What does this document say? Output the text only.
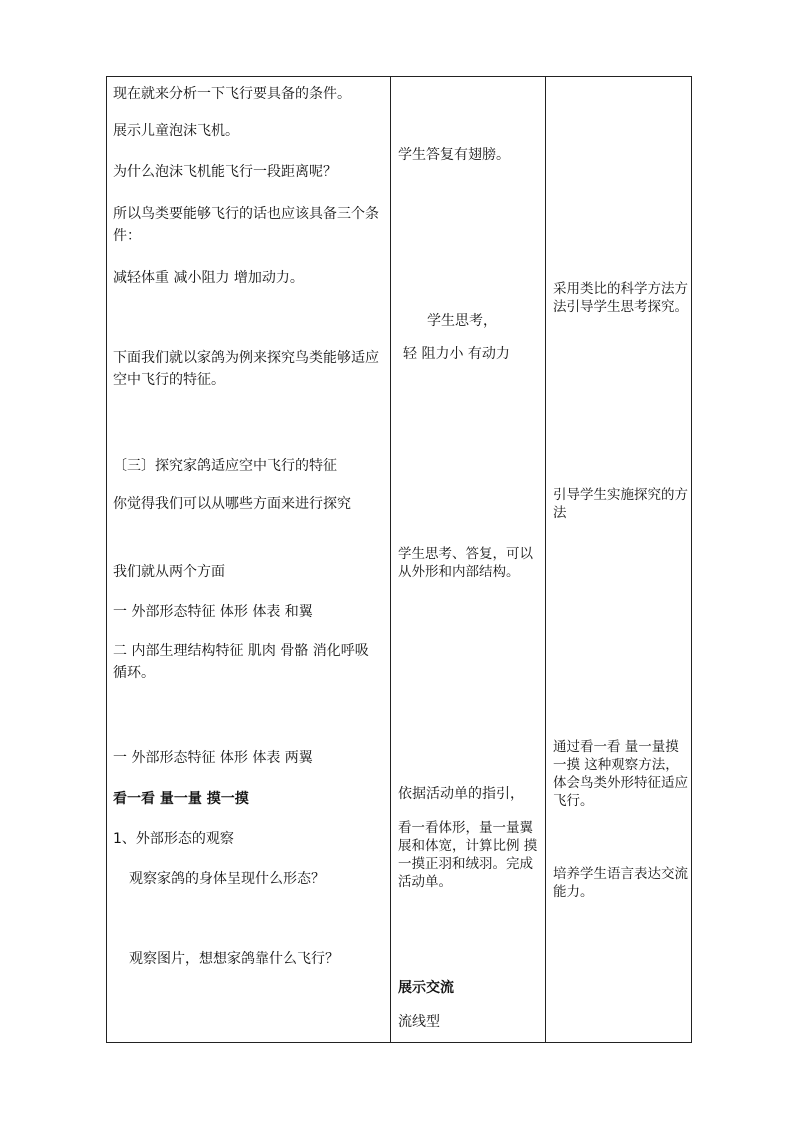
现在就来分析一下飞行要具备的条件。

展示儿童泡沫飞机。

为什么泡沫飞机能飞行一段距离呢？

所以鸟类要能够飞行的话也应该具备三个条件：

减轻体重 减小阻力 增加动力。

下面我们就以家鸽为例来探究鸟类能够适应空中飞行的特征。

〔三〕探究家鸽适应空中飞行的特征

你觉得我们可以从哪些方面来进行探究

我们就从两个方面

一 外部形态特征 体形 体表 和翼

二 内部生理结构特征 肌肉 骨骼 消化呼吸 循环。

一 外部形态特征 体形 体表 两翼

看一看 量一量 摸一摸

1、外部形态的观察

观察家鸽的身体呈现什么形态？

观察图片，想想家鸽靠什么飞行？

学生答复有翅膀。

学生思考，

轻 阻力小 有动力

学生思考、答复，可以从外形和内部结构。

依据活动单的指引，

看一看体形，量一量翼展和体宽，计算比例 摸一摸正羽和绒羽。完成活动单。

展示交流

流线型

采用类比的科学方法方法引导学生思考探究。

引导学生实施探究的方法

通过看一看 量一量摸一摸 这种观察方法，体会鸟类外形特征适应飞行。

培养学生语言表达交流能力。
